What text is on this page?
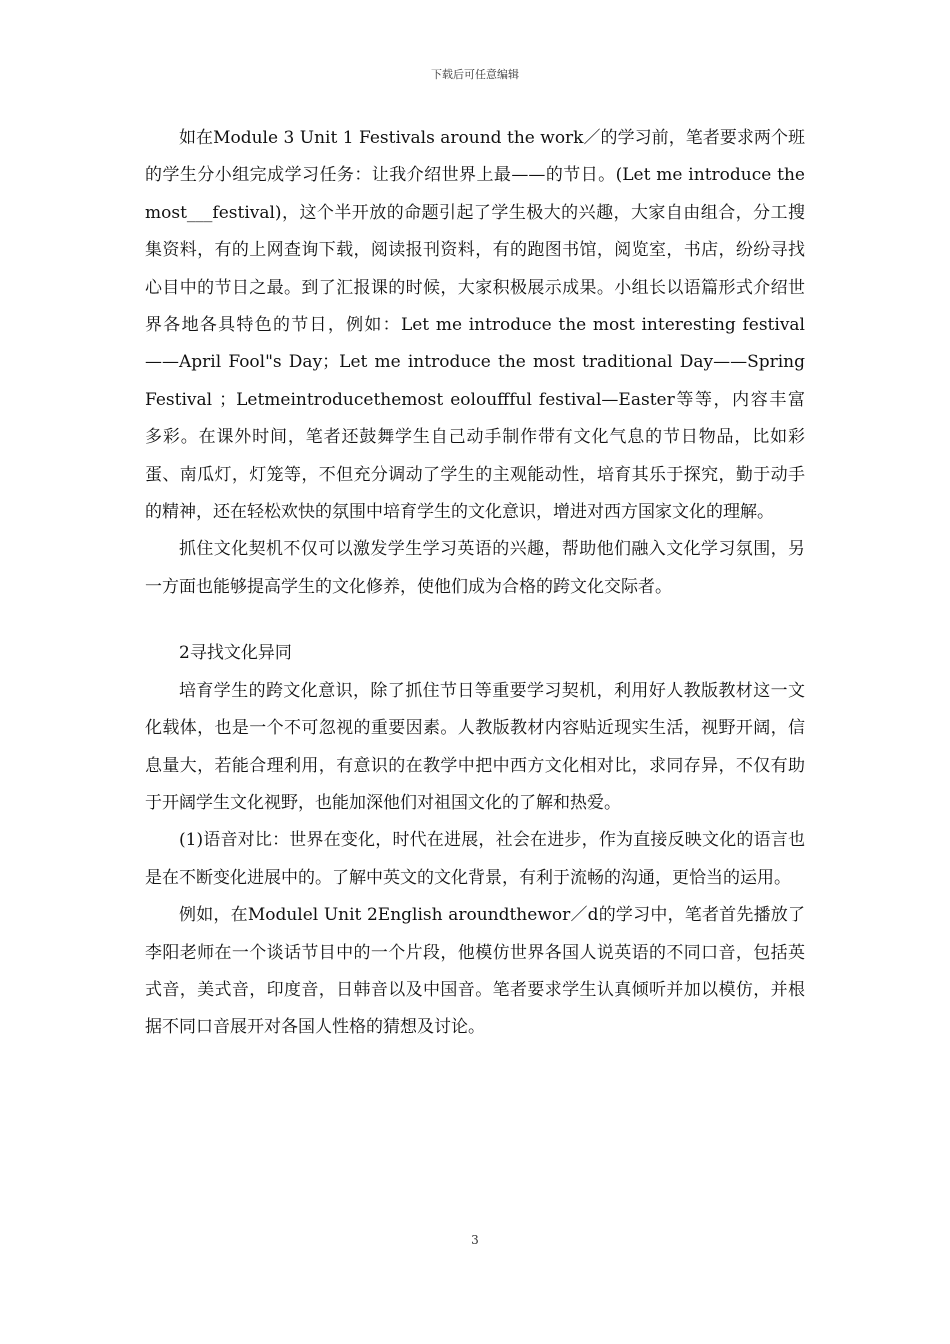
下载后可任意编辑

如在Module 3 Unit 1 Festivals around the work／的学习前，笔者要求两个班的学生分小组完成学习任务：让我介绍世界上最——的节日。(Let me introduce the most___festival)，这个半开放的命题引起了学生极大的兴趣，大家自由组合，分工搜集资料，有的上网查询下载，阅读报刊资料，有的跑图书馆，阅览室，书店，纷纷寻找心目中的节日之最。到了汇报课的时候，大家积极展示成果。小组长以语篇形式介绍世界各地各具特色的节日，例如：Let me introduce the most interesting festival——April Fool"s Day；Let me introduce the most traditional Day——Spring Festival ；Letmeintroducethemost eolouffful festival—Easter等等，内容丰富多彩。在课外时间，笔者还鼓舞学生自己动手制作带有文化气息的节日物品，比如彩蛋、南瓜灯，灯笼等，不但充分调动了学生的主观能动性，培育其乐于探究，勤于动手的精神，还在轻松欢快的氛围中培育学生的文化意识，增进对西方国家文化的理解。

抓住文化契机不仅可以激发学生学习英语的兴趣，帮助他们融入文化学习氛围，另一方面也能够提高学生的文化修养，使他们成为合格的跨文化交际者。

2寻找文化异同

培育学生的跨文化意识，除了抓住节日等重要学习契机，利用好人教版教材这一文化载体，也是一个不可忽视的重要因素。人教版教材内容贴近现实生活，视野开阔，信息量大，若能合理利用，有意识的在教学中把中西方文化相对比，求同存异，不仅有助于开阔学生文化视野，也能加深他们对祖国文化的了解和热爱。

(1)语音对比：世界在变化，时代在进展，社会在进步，作为直接反映文化的语言也是在不断变化进展中的。了解中英文的文化背景，有利于流畅的沟通，更恰当的运用。

例如，在Modulel Unit 2English aroundthewor／d的学习中，笔者首先播放了李阳老师在一个谈话节目中的一个片段，他模仿世界各国人说英语的不同口音，包括英式音，美式音，印度音，日韩音以及中国音。笔者要求学生认真倾听并加以模仿，并根据不同口音展开对各国人性格的猜想及讨论。

3
